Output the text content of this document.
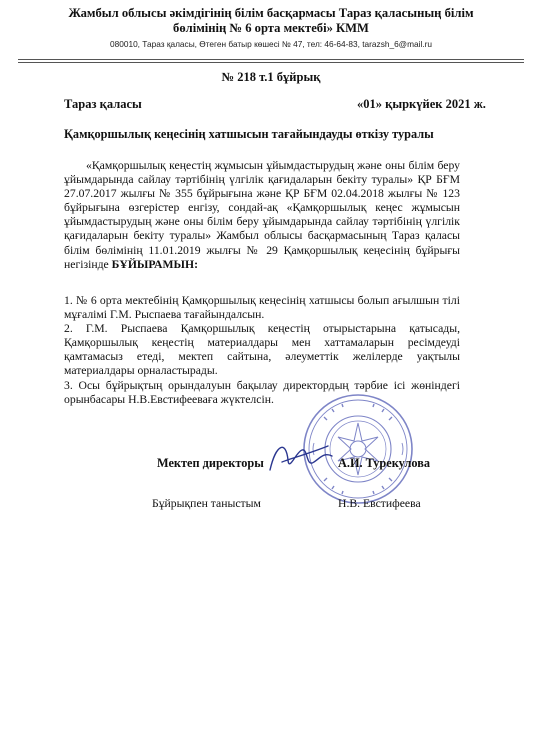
Жамбыл облысы әкімдігінің білім басқармасы Тараз қаласының білім
бөлімінің № 6 орта мектебі» КММ
080010, Тараз қаласы, Өтеген батыр көшесі № 47, тел: 46-64-83, tarazsh_6@mail.ru
№ 218 т.1 бұйрық
Тараз қаласы	«01» қыркүйек 2021 ж.
Қамқоршылық кеңесінің хатшысын тағайындауды өткізу туралы
«Қамқоршылық кеңестің жұмысын ұйымдастырудың және оны білім беру ұйымдарында сайлау тәртібінің үлгілік қағидаларын бекіту туралы» ҚР БҒМ 27.07.2017 жылғы № 355 бұйрығына және ҚР БҒМ 02.04.2018 жылғы № 123 бұйрығына өзгерістер енгізу, сондай-ақ «Қамқоршылық кеңес жұмысын ұйымдастырудың және оны білім беру ұйымдарында сайлау тәртібінің үлгілік қағидаларын бекіту туралы» Жамбыл облысы басқармасының Тараз қаласы білім бөлімінің 11.01.2019 жылғы № 29 Қамқоршылық кеңесінің бұйрығы негізінде БҰЙЫРАМЫН:

1. № 6 орта мектебінің Қамқоршылық кеңесінің хатшысы болып ағылшын тілі мұғалімі Г.М. Рыспаева тағайындалсын.

2. Г.М. Рыспаева Қамқоршылық кеңестің отырыстарына қатысады, Қамқоршылық кеңестің материалдары мен хаттамаларын ресімдеуді қамтамасыз етеді, мектеп сайтына, әлеуметтік желілерде уақтылы материалдары орналастырады.

3. Осы бұйрықтың орындалуын бақылау директордың тәрбие ісі жөніндегі орынбасары Н.В.Евстифееваға жүктелсін.

Мектеп директоры	А.И. Турекулова
Бұйрықпен таныстым	Н.В. Евстифеева
